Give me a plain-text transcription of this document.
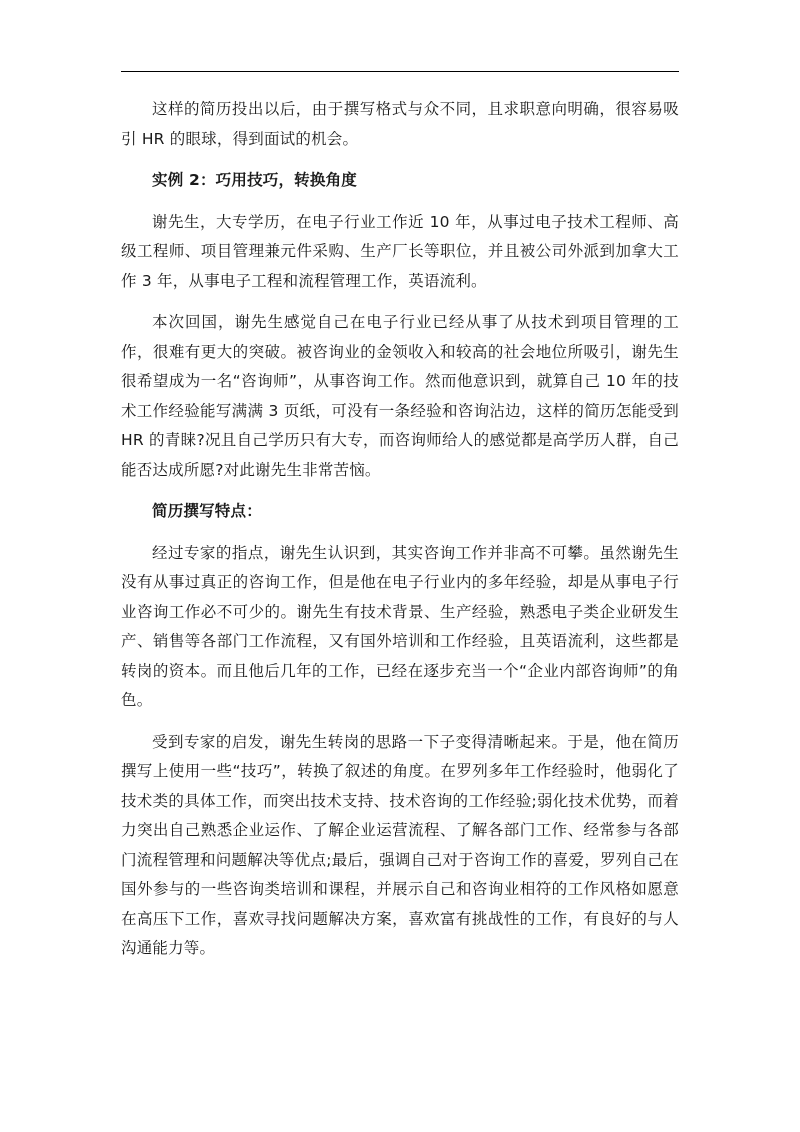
这样的简历投出以后，由于撰写格式与众不同，且求职意向明确，很容易吸引 HR 的眼球，得到面试的机会。

实例 2：巧用技巧，转换角度

谢先生，大专学历，在电子行业工作近 10 年，从事过电子技术工程师、高级工程师、项目管理兼元件采购、生产厂长等职位，并且被公司外派到加拿大工作 3 年，从事电子工程和流程管理工作，英语流利。

本次回国，谢先生感觉自己在电子行业已经从事了从技术到项目管理的工作，很难有更大的突破。被咨询业的金领收入和较高的社会地位所吸引，谢先生很希望成为一名“咨询师”，从事咨询工作。然而他意识到，就算自己 10 年的技术工作经验能写满满 3 页纸，可没有一条经验和咨询沾边，这样的简历怎能受到 HR 的青睐?况且自己学历只有大专，而咨询师给人的感觉都是高学历人群，自己能否达成所愿?对此谢先生非常苦恼。

简历撰写特点：

经过专家的指点，谢先生认识到，其实咨询工作并非高不可攀。虽然谢先生没有从事过真正的咨询工作，但是他在电子行业内的多年经验，却是从事电子行业咨询工作必不可少的。谢先生有技术背景、生产经验，熟悉电子类企业研发生产、销售等各部门工作流程，又有国外培训和工作经验，且英语流利，这些都是转岗的资本。而且他后几年的工作，已经在逐步充当一个“企业内部咨询师”的角色。

受到专家的启发，谢先生转岗的思路一下子变得清晰起来。于是，他在简历撰写上使用一些“技巧”，转换了叙述的角度。在罗列多年工作经验时，他弱化了技术类的具体工作，而突出技术支持、技术咨询的工作经验;弱化技术优势，而着力突出自己熟悉企业运作、了解企业运营流程、了解各部门工作、经常参与各部门流程管理和问题解决等优点;最后，强调自己对于咨询工作的喜爱，罗列自己在国外参与的一些咨询类培训和课程，并展示自己和咨询业相符的工作风格如愿意在高压下工作，喜欢寻找问题解决方案，喜欢富有挑战性的工作，有良好的与人沟通能力等。
